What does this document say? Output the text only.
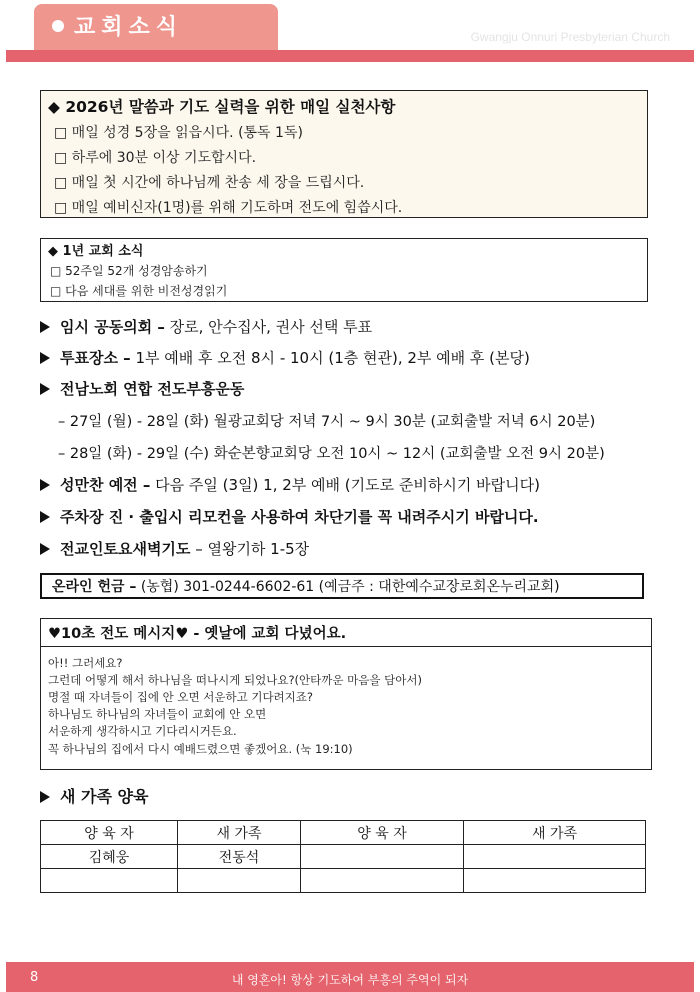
교회소식	Gwangju Onnuri Presbyterian Church
◆ 2026년 말씀과 기도 실력을 위한 매일 실천사항
□ 매일 성경 5장을 읽읍시다. (통독 1독)
□ 하루에 30분 이상 기도합시다.
□ 매일 첫 시간에 하나님께 찬송 세 장을 드립시다.
□ 매일 예비신자(1명)를 위해 기도하며 전도에 힘씁시다.
◆ 1년 교회 소식
□ 52주일 52개 성경암송하기
□ 다음 세대를 위한 비전성경읽기
임시 공동의회 – 장로, 안수집사, 권사 선택 투표
투표장소 – 1부 예배 후 오전 8시 - 10시 (1층 현관), 2부 예배 후 (본당)
전남노회 연합 전도부흥운동
– 27일 (월) - 28일 (화) 월광교회당 저녁 7시 ~ 9시 30분 (교회출발 저녁 6시 20분)
– 28일 (화) - 29일 (수) 화순본향교회당 오전 10시 ~ 12시 (교회출발 오전 9시 20분)
성만찬 예전 – 다음 주일 (3일) 1, 2부 예배 (기도로 준비하시기 바랍니다)
주차장 진 · 출입시 리모컨을 사용하여 차단기를 꼭 내려주시기 바랍니다.
전교인토요새벽기도 – 열왕기하 1-5장
온라인 헌금 – (농협) 301-0244-6602-61 (예금주 : 대한예수교장로회온누리교회)
♥10초 전도 메시지♥ - 옛날에 교회 다녔어요.
아!! 그러세요?
그런데 어떻게 해서 하나님을 떠나시게 되었나요?(안타까운 마음을 담아서)
명절 때 자녀들이 집에 안 오면 서운하고 기다려지죠?
하나님도 하나님의 자녀들이 교회에 안 오면
서운하게 생각하시고 기다리시거든요.
꼭 하나님의 집에서 다시 예배드렸으면 좋겠어요. (눅 19:10)
새 가족 양육
양 육 자	새 가족	양 육 자	새 가족
김혜웅	전동석		

8	내 영혼아! 항상 기도하여 부흥의 주역이 되자
